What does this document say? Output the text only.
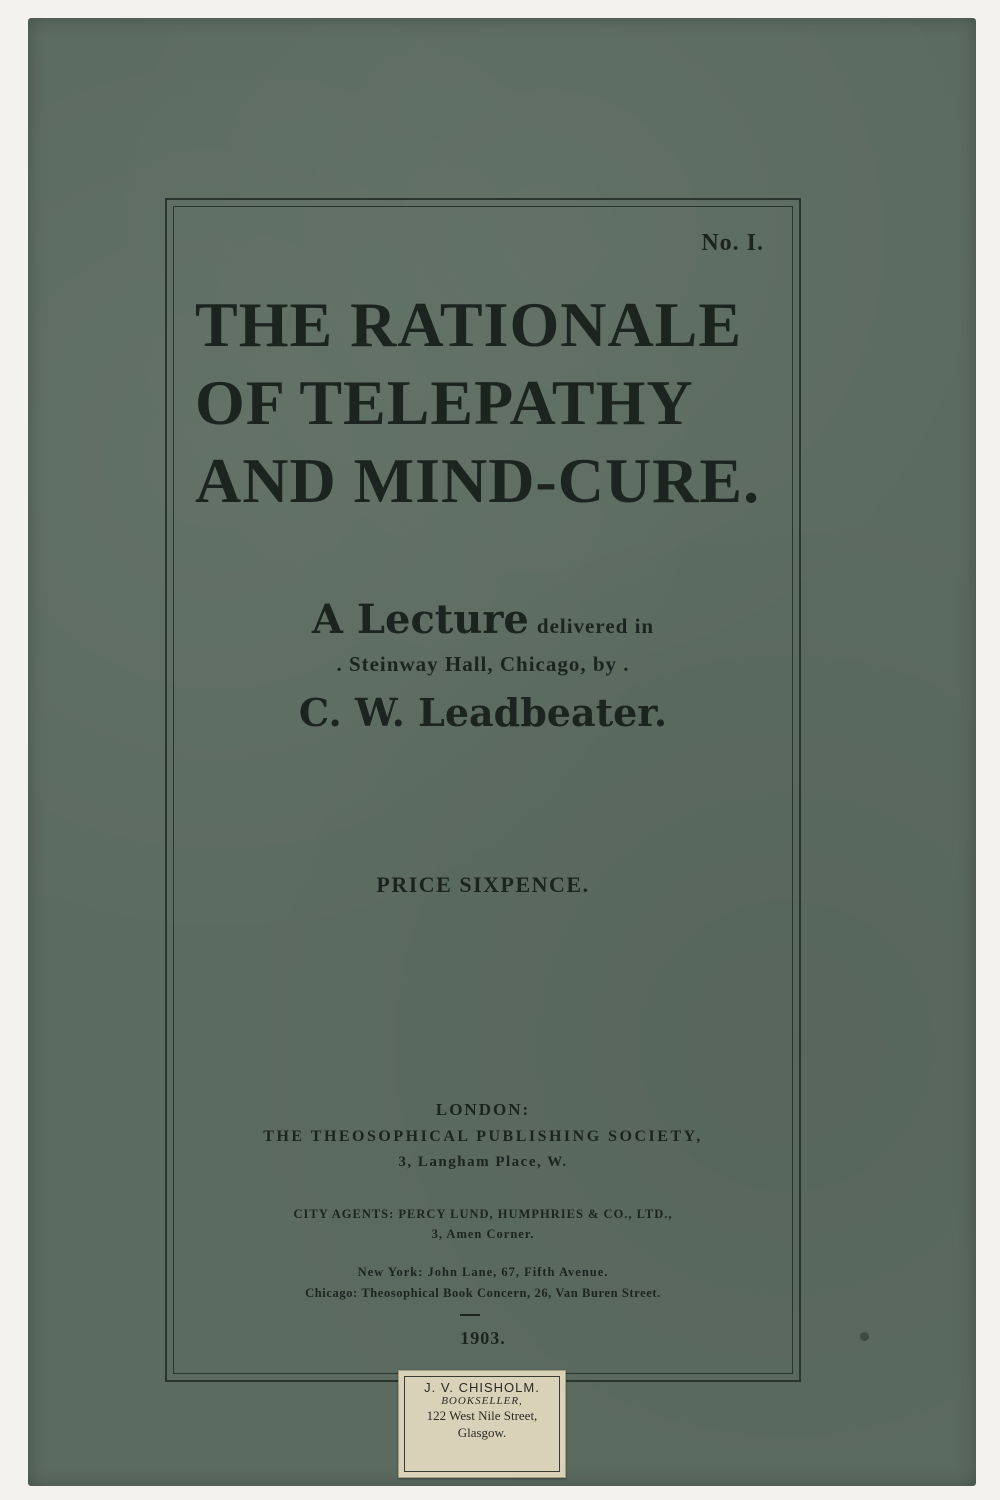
No. I.
THE RATIONALE
OF TELEPATHY
AND MIND-CURE.
A Lecture delivered in
. Steinway Hall, Chicago, by .
C. W. Leadbeater.
PRICE SIXPENCE.
LONDON:
THE THEOSOPHICAL PUBLISHING SOCIETY,
3, Langham Place, W.
CITY AGENTS: PERCY LUND, HUMPHRIES & CO., LTD.,
3, Amen Corner.
New York: John Lane, 67, Fifth Avenue.
Chicago: Theosophical Book Concern, 26, Van Buren Street.
1903.
J. V. CHISHOLM.
BOOKSELLER,
122 West Nile Street,
Glasgow.
